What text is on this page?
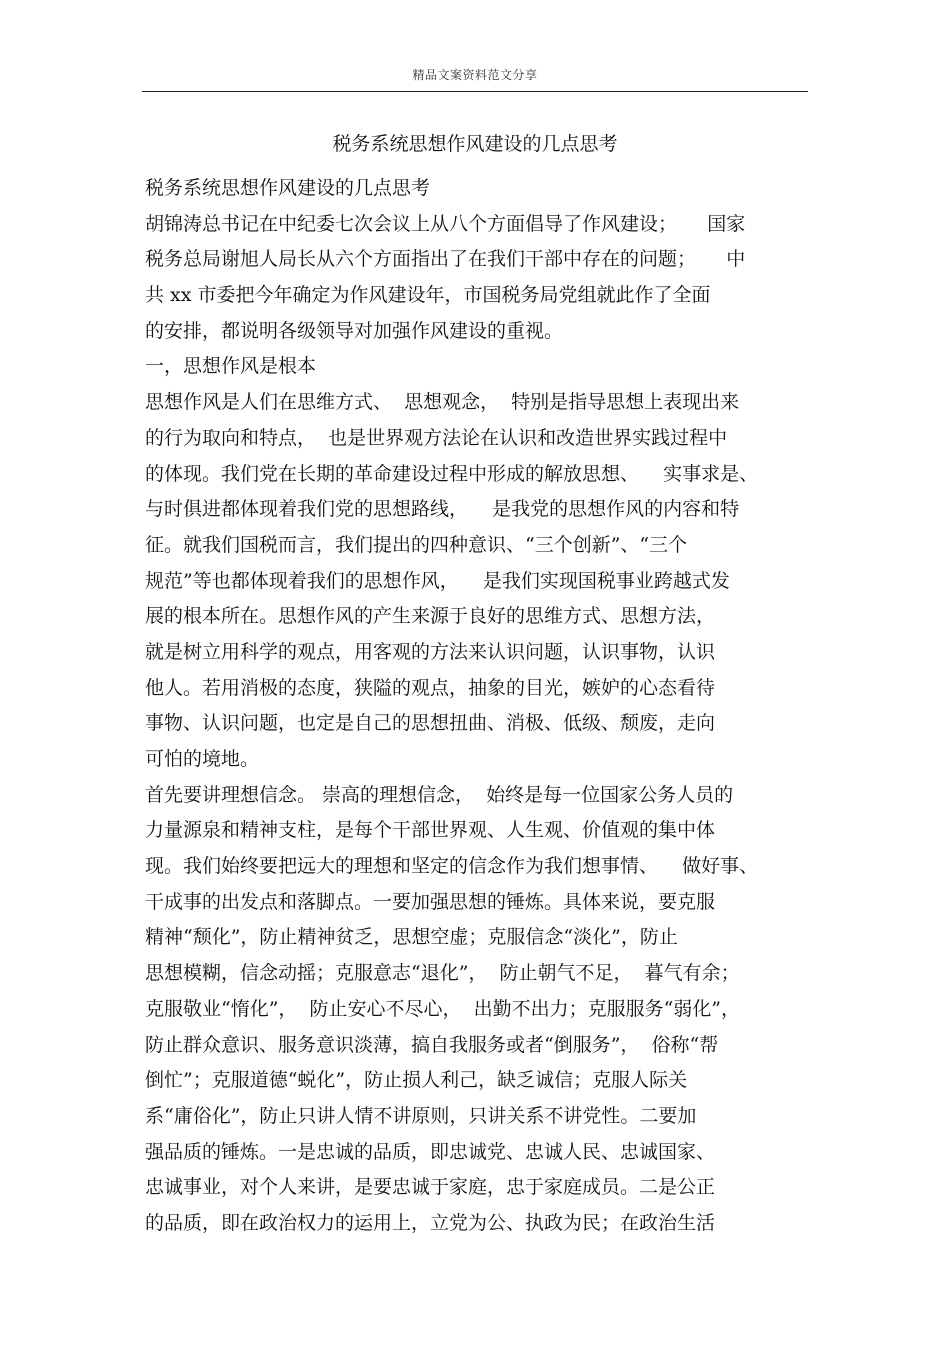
精品文案资料范文分享
税务系统思想作风建设的几点思考
税务系统思想作风建设的几点思考
胡锦涛总书记在中纪委七次会议上从八个方面倡导了作风建设；     国家
税务总局谢旭人局长从六个方面指出了在我们干部中存在的问题；     中
共 xx 市委把今年确定为作风建设年，市国税务局党组就此作了全面
的安排，都说明各级领导对加强作风建设的重视。
一，思想作风是根本
思想作风是人们在思维方式、  思想观念，  特别是指导思想上表现出来
的行为取向和特点，  也是世界观方法论在认识和改造世界实践过程中
的体现。我们党在长期的革命建设过程中形成的解放思想、    实事求是、
与时俱进都体现着我们党的思想路线，    是我党的思想作风的内容和特
征。就我们国税而言，我们提出的四种意识、“三个创新”、“三个
规范”等也都体现着我们的思想作风，    是我们实现国税事业跨越式发
展的根本所在。思想作风的产生来源于良好的思维方式、思想方法，
就是树立用科学的观点，用客观的方法来认识问题，认识事物，认识
他人。若用消极的态度，狭隘的观点，抽象的目光，嫉妒的心态看待
事物、认识问题，也定是自己的思想扭曲、消极、低级、颓废，走向
可怕的境地。
首先要讲理想信念。 崇高的理想信念，  始终是每一位国家公务人员的
力量源泉和精神支柱，是每个干部世界观、人生观、价值观的集中体
现。我们始终要把远大的理想和坚定的信念作为我们想事情、    做好事、
干成事的出发点和落脚点。一要加强思想的锤炼。具体来说，要克服
精神“颓化”，防止精神贫乏，思想空虚；克服信念“淡化”，防止
思想模糊，信念动摇；克服意志“退化”，  防止朝气不足，  暮气有余；
克服敬业“惰化”，  防止安心不尽心，  出勤不出力；克服服务“弱化”，
防止群众意识、服务意识淡薄，搞自我服务或者“倒服务”，  俗称“帮
倒忙”；克服道德“蜕化”，防止损人利己，缺乏诚信；克服人际关
系“庸俗化”，防止只讲人情不讲原则，只讲关系不讲党性。二要加
强品质的锤炼。一是忠诚的品质，即忠诚党、忠诚人民、忠诚国家、
忠诚事业，对个人来讲，是要忠诚于家庭，忠于家庭成员。二是公正
的品质，即在政治权力的运用上，立党为公、执政为民；在政治生活
